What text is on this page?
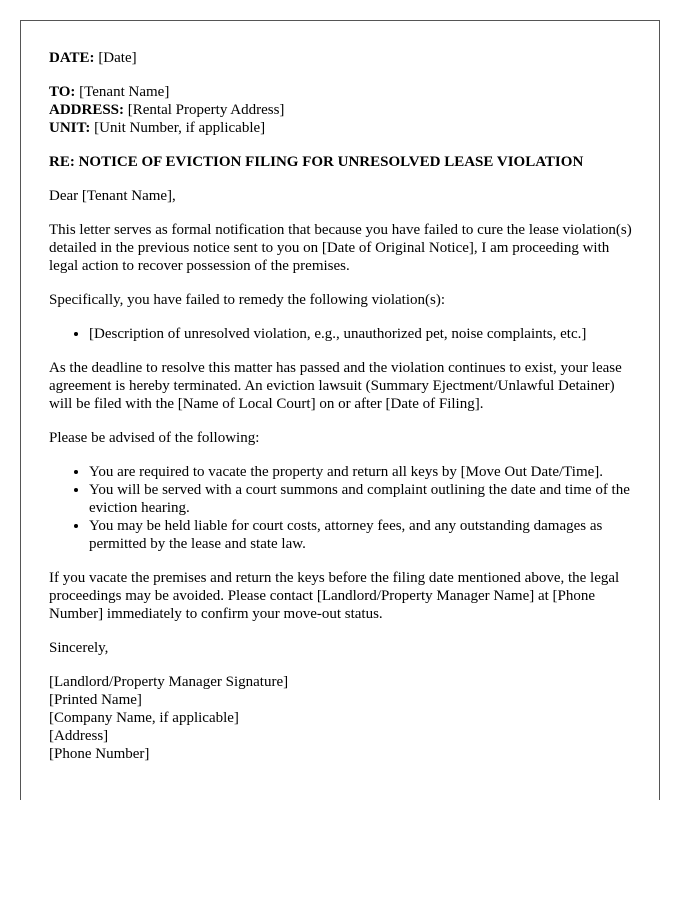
DATE: [Date]

TO: [Tenant Name]

ADDRESS: [Rental Property Address]

UNIT: [Unit Number, if applicable]

RE: NOTICE OF EVICTION FILING FOR UNRESOLVED LEASE VIOLATION

Dear [Tenant Name],

This letter serves as formal notification that because you have failed to cure the lease violation(s) detailed in the previous notice sent to you on [Date of Original Notice], I am proceeding with legal action to recover possession of the premises.

Specifically, you have failed to remedy the following violation(s):

• [Description of unresolved violation, e.g., unauthorized pet, noise complaints, etc.]

As the deadline to resolve this matter has passed and the violation continues to exist, your lease agreement is hereby terminated. An eviction lawsuit (Summary Ejectment/Unlawful Detainer) will be filed with the [Name of Local Court] on or after [Date of Filing].

Please be advised of the following:

• You are required to vacate the property and return all keys by [Move Out Date/Time].
• You will be served with a court summons and complaint outlining the date and time of the eviction hearing.
• You may be held liable for court costs, attorney fees, and any outstanding damages as permitted by the lease and state law.

If you vacate the premises and return the keys before the filing date mentioned above, the legal proceedings may be avoided. Please contact [Landlord/Property Manager Name] at [Phone Number] immediately to confirm your move-out status.

Sincerely,

[Landlord/Property Manager Signature]

[Printed Name]

[Company Name, if applicable]

[Address]

[Phone Number]
